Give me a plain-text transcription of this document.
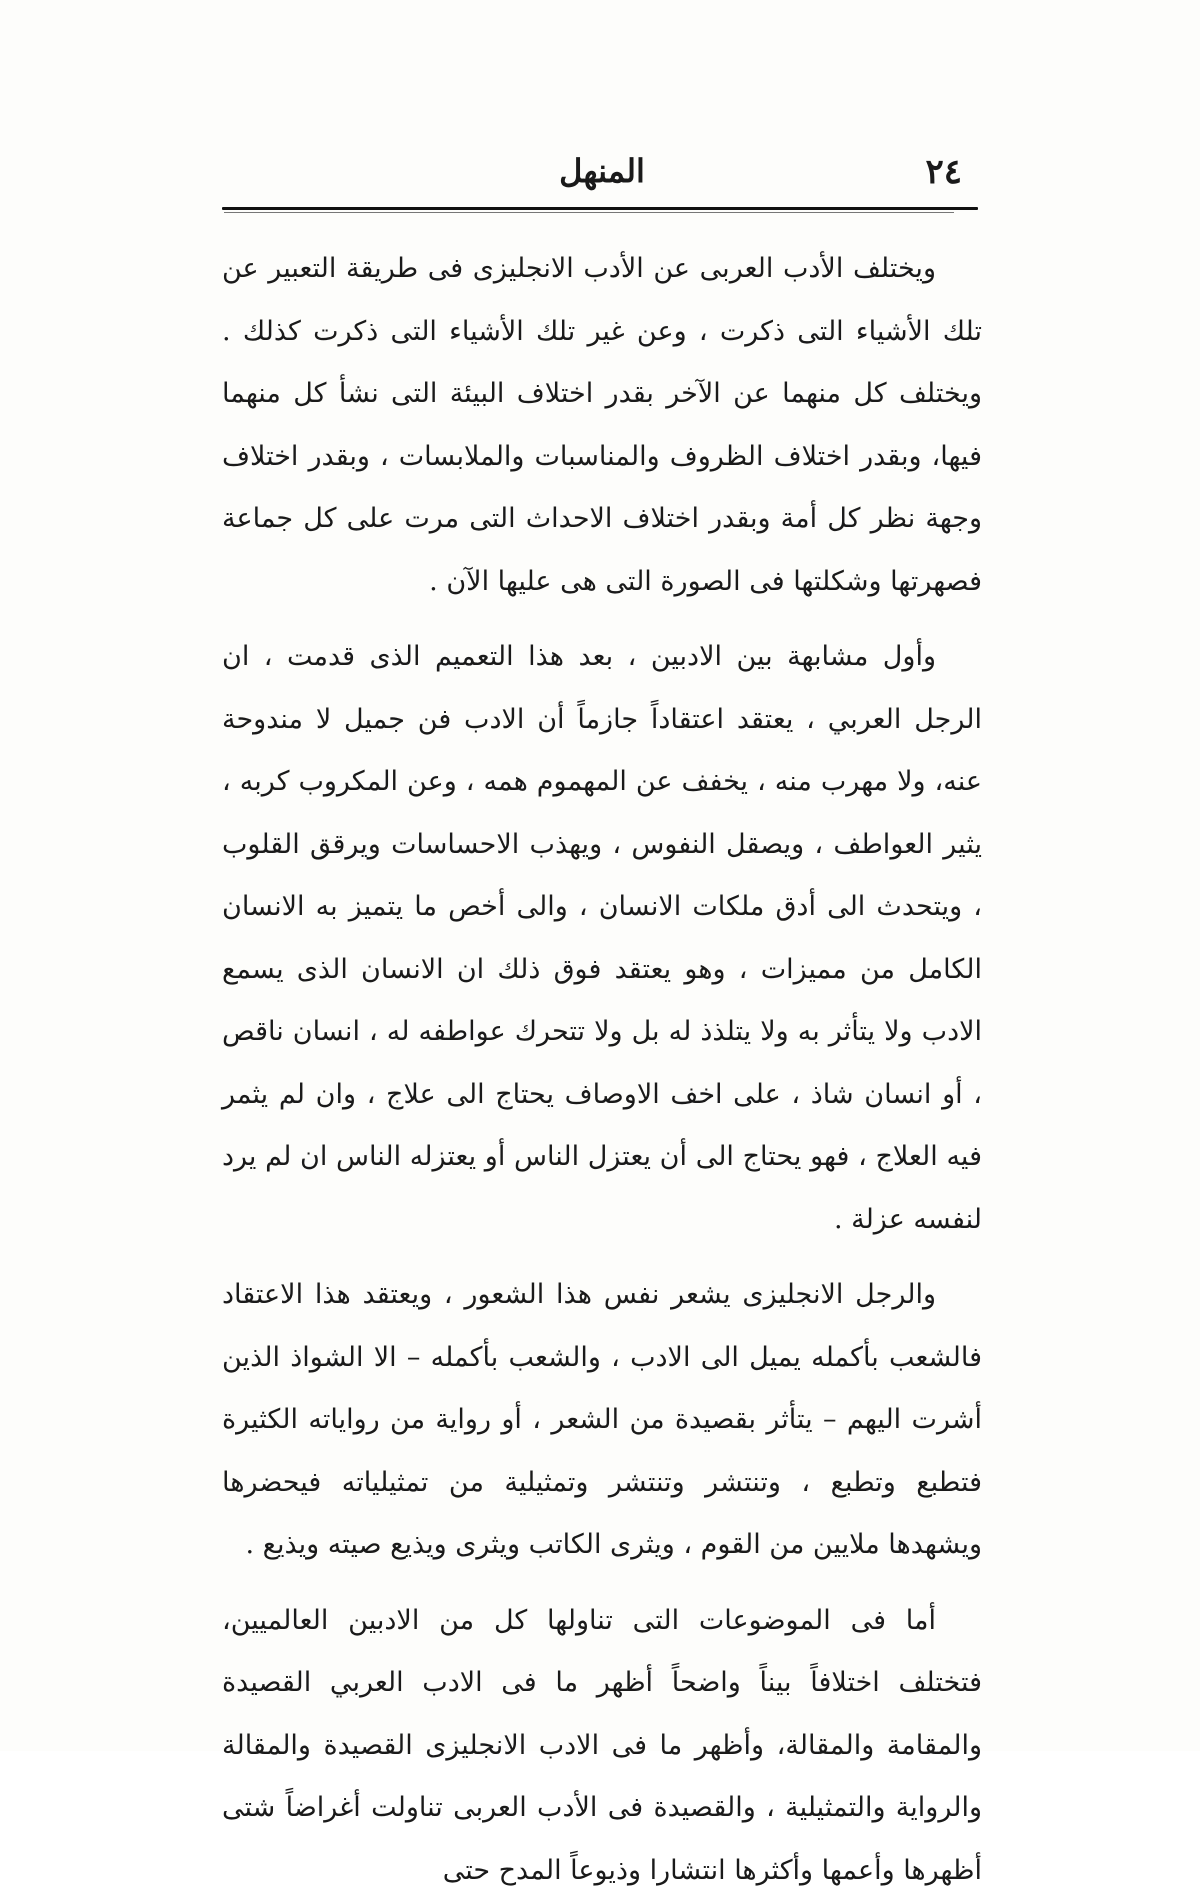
٢٤
المنهل

ويختلف الأدب العربى عن الأدب الانجليزى فى طريقة التعبير عن تلك الأشياء التى ذكرت ، وعن غير تلك الأشياء التى ذكرت كذلك . ويختلف كل منهما عن الآخر بقدر اختلاف البيئة التى نشأ كل منهما فيها، وبقدر اختلاف الظروف والمناسبات والملابسات ، وبقدر اختلاف وجهة نظر كل أمة وبقدر اختلاف الاحداث التى مرت على كل جماعة فصهرتها وشكلتها فى الصورة التى هى عليها الآن .

وأول مشابهة بين الادبين ، بعد هذا التعميم الذى قدمت ، ان الرجل العربي ، يعتقد اعتقاداً جازماً أن الادب فن جميل لا مندوحة عنه، ولا مهرب منه ، يخفف عن المهموم همه ، وعن المكروب كربه ، يثير العواطف ، ويصقل النفوس ، ويهذب الاحساسات ويرقق القلوب ، ويتحدث الى أدق ملكات الانسان ، والى أخص ما يتميز به الانسان الكامل من مميزات ، وهو يعتقد فوق ذلك ان الانسان الذى يسمع الادب ولا يتأثر به ولا يتلذذ له بل ولا تتحرك عواطفه له ، انسان ناقص ، أو انسان شاذ ، على اخف الاوصاف يحتاج الى علاج ، وان لم يثمر فيه العلاج ، فهو يحتاج الى أن يعتزل الناس أو يعتزله الناس ان لم يرد لنفسه عزلة .

والرجل الانجليزى يشعر نفس هذا الشعور ، ويعتقد هذا الاعتقاد فالشعب بأكمله يميل الى الادب ، والشعب بأكمله – الا الشواذ الذين أشرت اليهم – يتأثر بقصيدة من الشعر ، أو رواية من رواياته الكثيرة فتطبع وتطبع ، وتنتشر وتنتشر وتمثيلية من تمثيلياته فيحضرها ويشهدها ملايين من القوم ، ويثرى الكاتب ويثرى ويذيع صيته ويذيع .

أما فى الموضوعات التى تناولها كل من الادبين العالميين، فتختلف اختلافاً بيناً واضحاً أظهر ما فى الادب العربي القصيدة والمقامة والمقالة، وأظهر ما فى الادب الانجليزى القصيدة والمقالة والرواية والتمثيلية ، والقصيدة فى الأدب العربى تناولت أغراضاً شتى أظهرها وأعمها وأكثرها انتشارا وذيوعاً المدح حتى
